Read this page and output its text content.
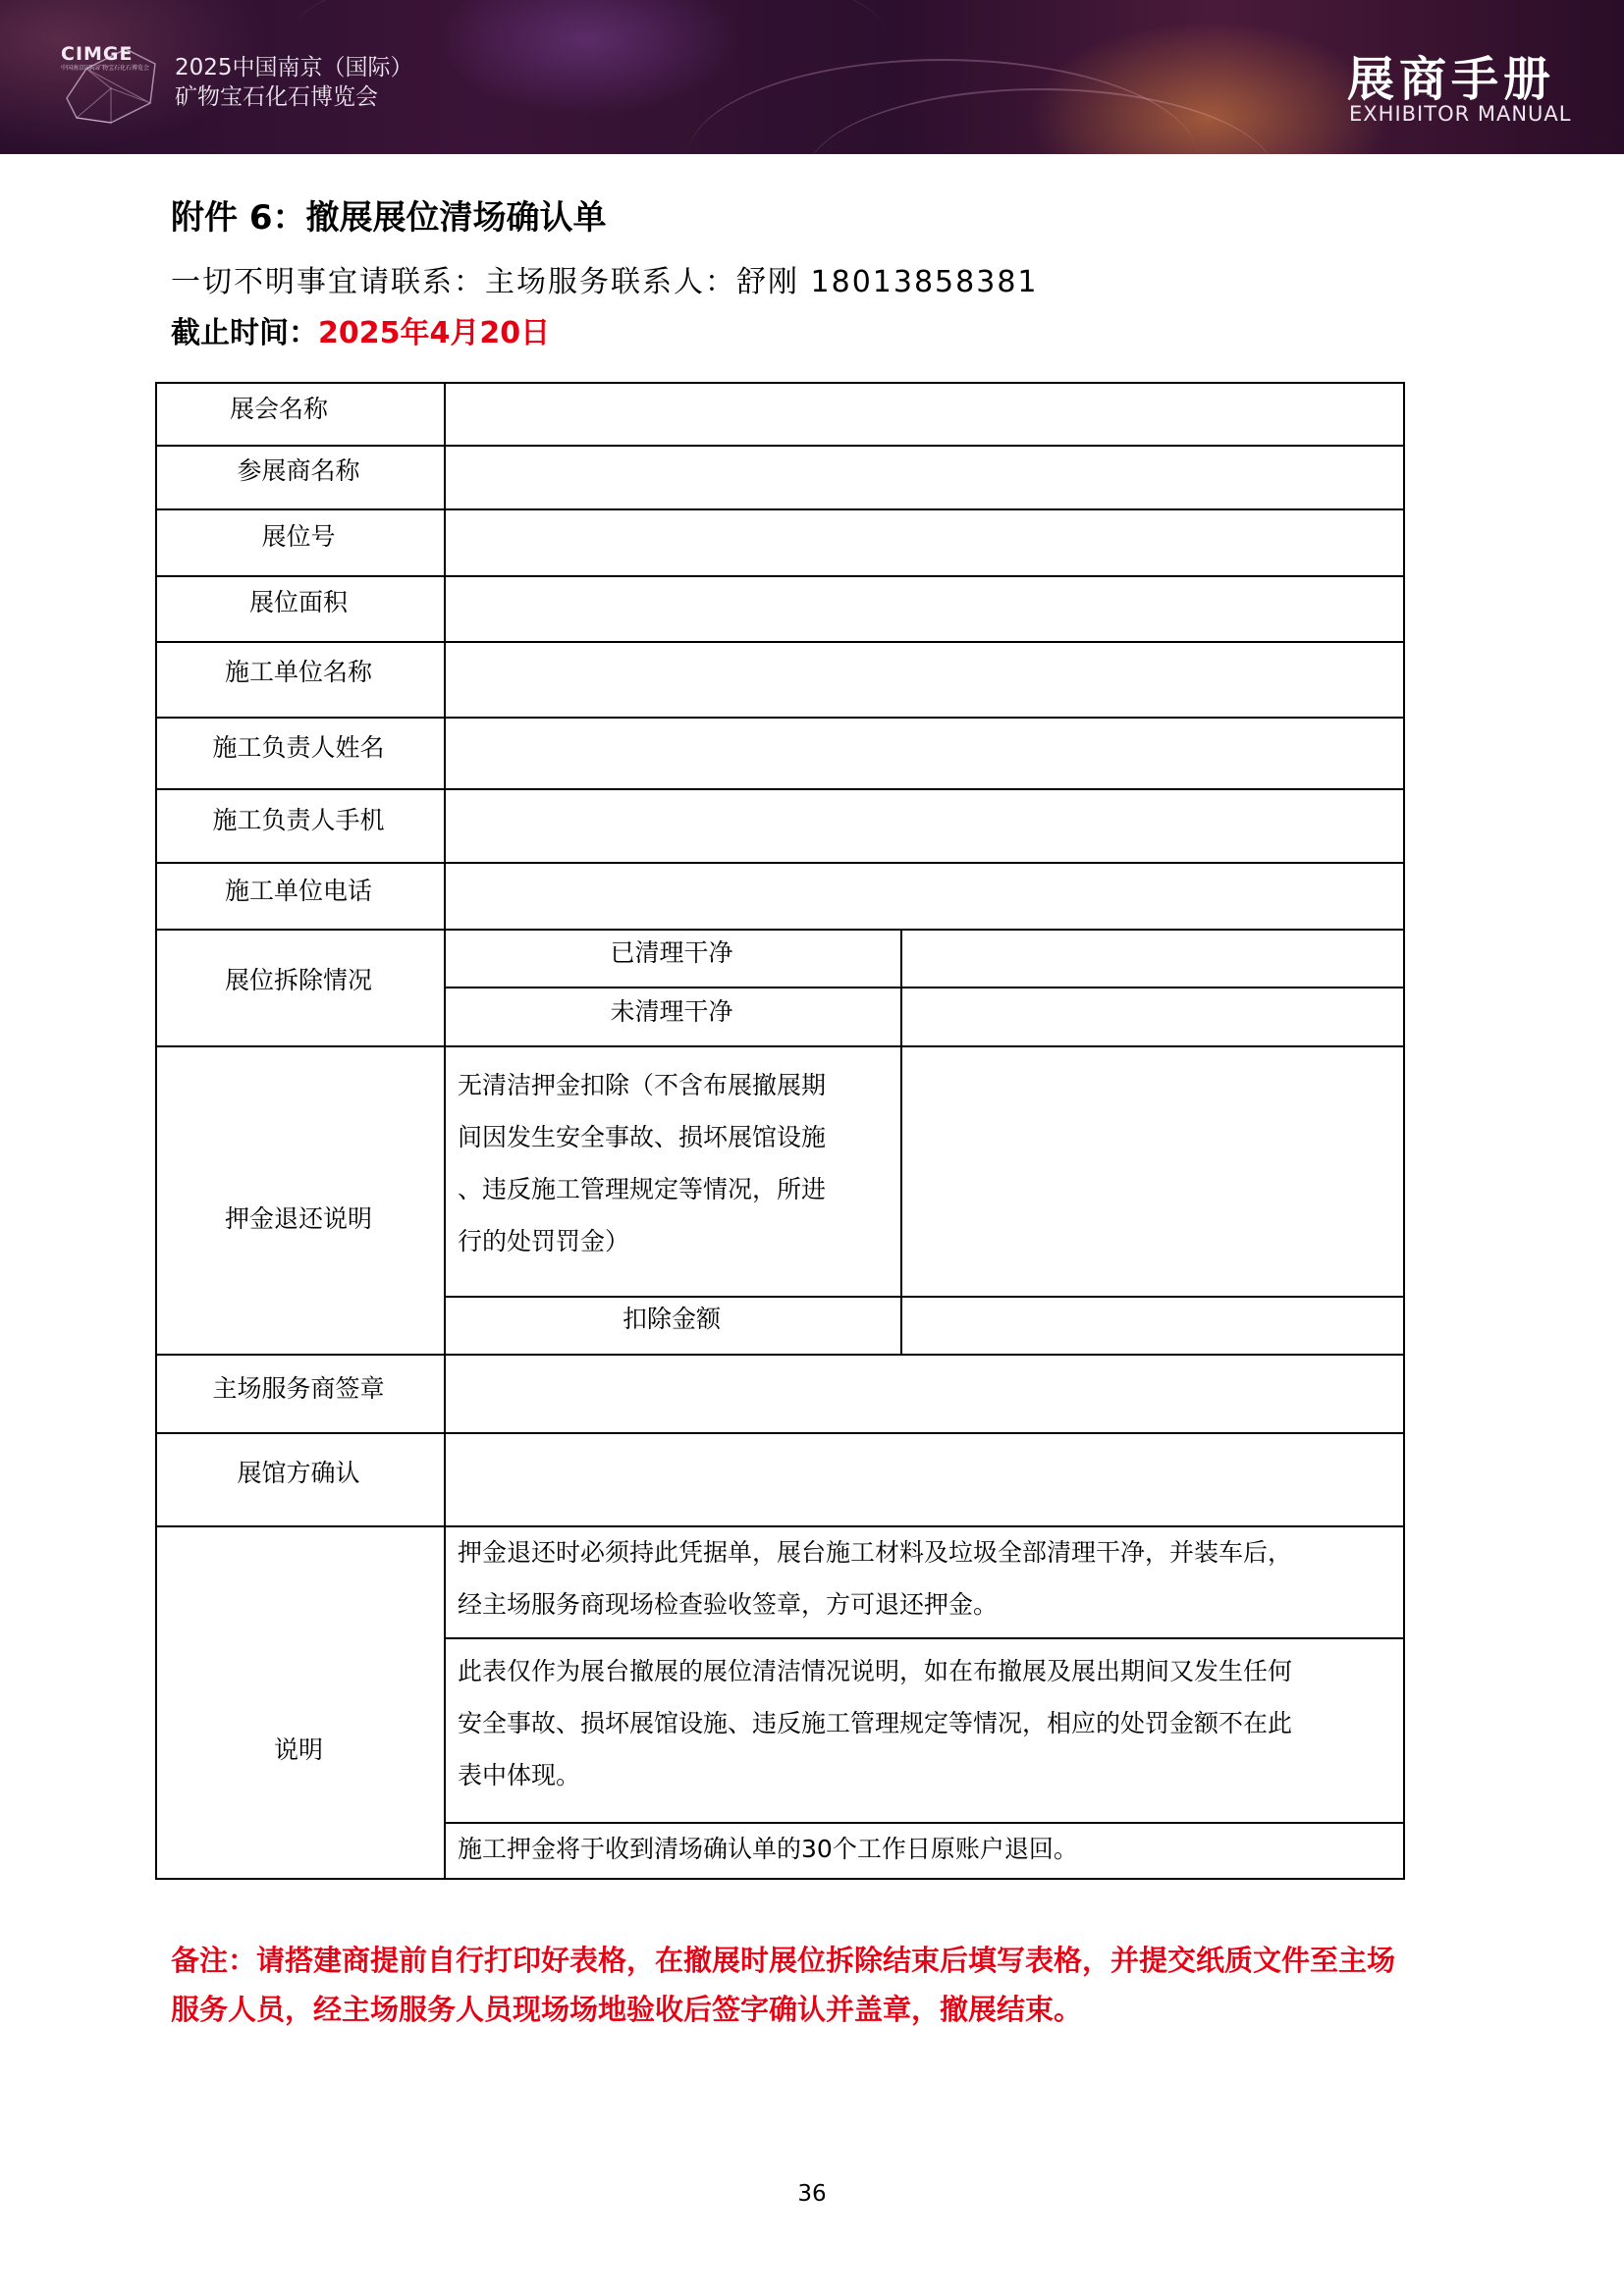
CIMGE
中国南京国际矿物宝石化石博览会 2025中国南京（国际）
矿物宝石化石博览会	展商手册
EXHIBITOR MANUAL
附件 6：撤展展位清场确认单
一切不明事宜请联系：主场服务联系人：舒刚 18013858381
截止时间：2025年4月20日
展会名称
参展商名称
展位号
展位面积
施工单位名称
施工负责人姓名
施工负责人手机
施工单位电话
展位拆除情况
已清理干净
未清理干净
押金退还说明
无清洁押金扣除（不含布展撤展期
间因发生安全事故、损坏展馆设施
、违反施工管理规定等情况，所进
行的处罚罚金）
扣除金额
主场服务商签章
展馆方确认
说明
押金退还时必须持此凭据单，展台施工材料及垃圾全部清理干净，并装车后，
经主场服务商现场检查验收签章，方可退还押金。
此表仅作为展台撤展的展位清洁情况说明，如在布撤展及展出期间又发生任何
安全事故、损坏展馆设施、违反施工管理规定等情况，相应的处罚金额不在此
表中体现。
施工押金将于收到清场确认单的30个工作日原账户退回。
备注：请搭建商提前自行打印好表格，在撤展时展位拆除结束后填写表格，并提交纸质文件至主场服务人员，经主场服务人员现场场地验收后签字确认并盖章，撤展结束。
36
